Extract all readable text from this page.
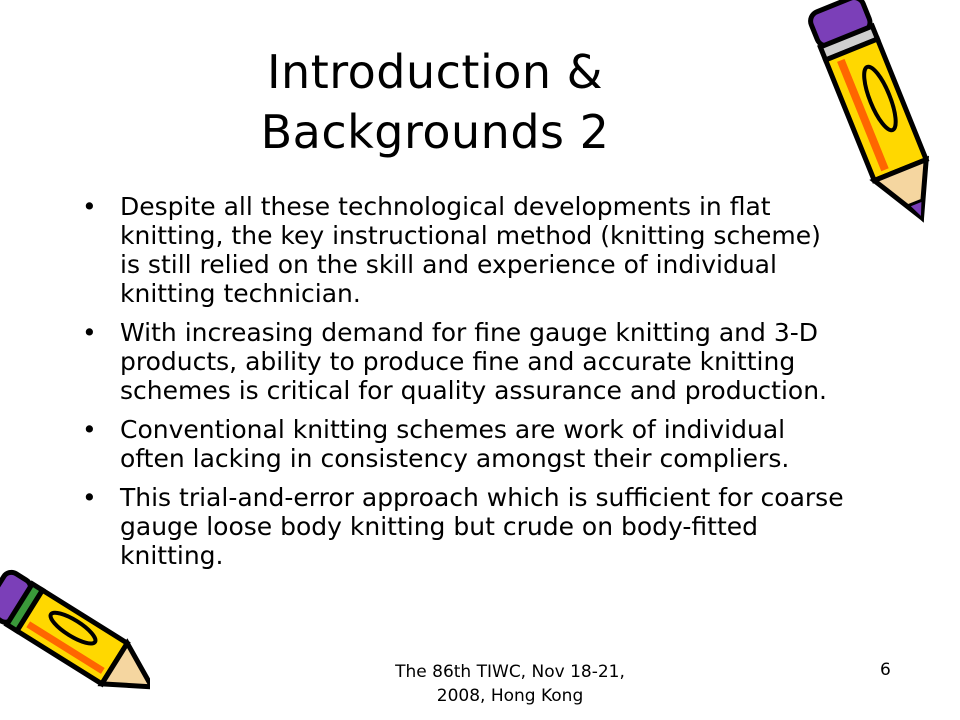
Introduction &
Backgrounds 2
• Despite all these technological developments in flat knitting, the key instructional method (knitting scheme) is still relied on the skill and experience of individual knitting technician.
• With increasing demand for fine gauge knitting and 3-D products, ability to produce fine and accurate knitting schemes is critical for quality assurance and production.
• Conventional knitting schemes are work of individual often lacking in consistency amongst their compliers.
• This trial-and-error approach which is sufficient for coarse gauge loose body knitting but crude on body-fitted knitting.
The 86th TIWC, Nov 18-21,
2008, Hong Kong
6
